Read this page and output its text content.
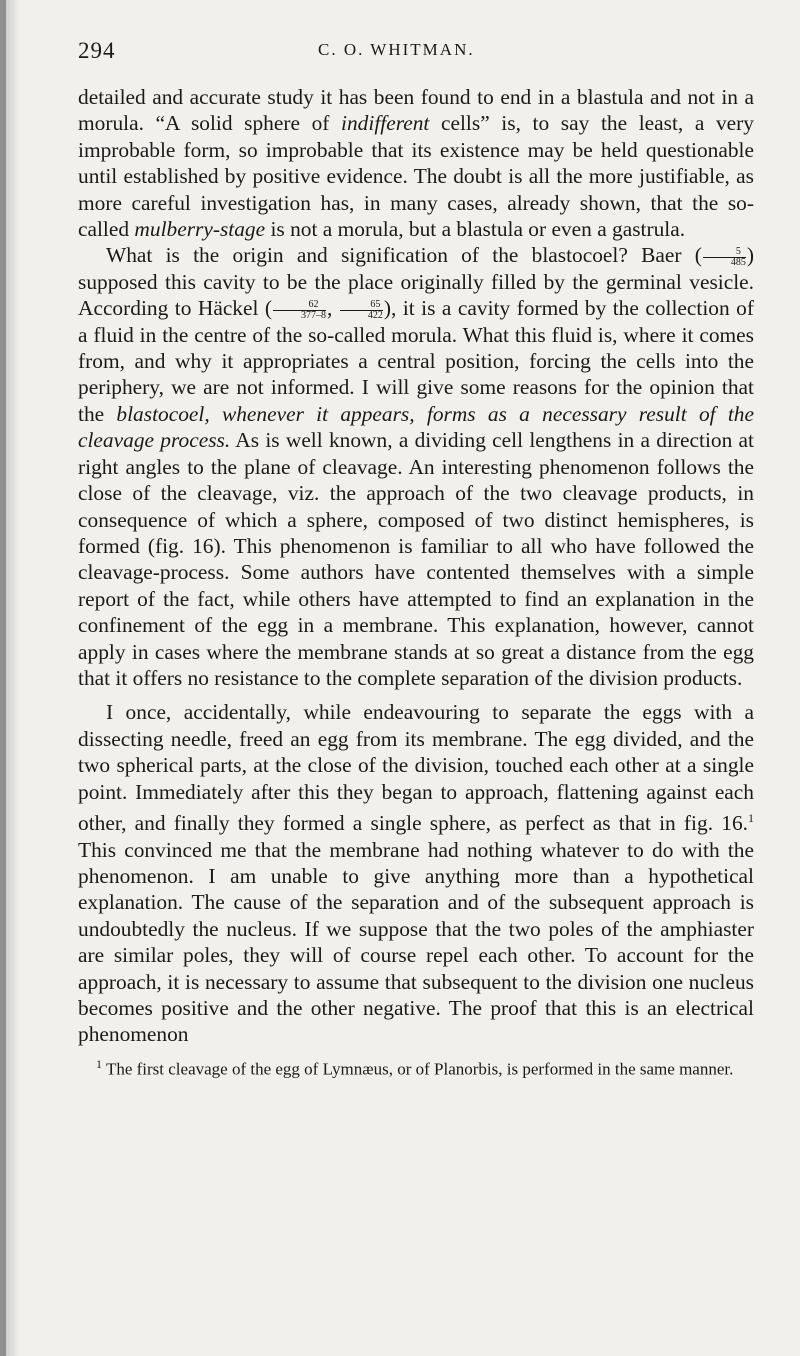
294	C. O. WHITMAN.

detailed and accurate study it has been found to end in a blastula and not in a morula. “A solid sphere of indifferent cells” is, to say the least, a very improbable form, so improbable that its existence may be held questionable until established by positive evidence. The doubt is all the more justifiable, as more careful investigation has, in many cases, already shown, that the so-called mulberry-stage is not a morula, but a blastula or even a gastrula.

What is the origin and signification of the blastocoel? Baer ( $\frac{5}{485}$ ) supposed this cavity to be the place originally filled by the germinal vesicle. According to Häckel ( $\frac{62}{377-8}$ , $\frac{65}{422}$ ), it is a cavity formed by the collection of a fluid in the centre of the so-called morula. What this fluid is, where it comes from, and why it appropriates a central position, forcing the cells into the periphery, we are not informed. I will give some reasons for the opinion that the blastocoel, whenever it appears, forms as a necessary result of the cleavage process. As is well known, a dividing cell lengthens in a direction at right angles to the plane of cleavage. An interesting phenomenon follows the close of the cleavage, viz. the approach of the two cleavage products, in consequence of which a sphere, composed of two distinct hemispheres, is formed (fig. 16). This phenomenon is familiar to all who have followed the cleavage-process. Some authors have contented themselves with a simple report of the fact, while others have attempted to find an explanation in the confinement of the egg in a membrane. This explanation, however, cannot apply in cases where the membrane stands at so great a distance from the egg that it offers no resistance to the complete separation of the division products.

I once, accidentally, while endeavouring to separate the eggs with a dissecting needle, freed an egg from its membrane. The egg divided, and the two spherical parts, at the close of the division, touched each other at a single point. Immediately after this they began to approach, flattening against each other, and finally they formed a single sphere, as perfect as that in fig. 16.$^1$ This convinced me that the membrane had nothing whatever to do with the phenomenon. I am unable to give anything more than a hypothetical explanation. The cause of the separation and of the subsequent approach is undoubtedly the nucleus. If we suppose that the two poles of the amphiaster are similar poles, they will of course repel each other. To account for the approach, it is necessary to assume that subsequent to the division one nucleus becomes positive and the other negative. The proof that this is an electrical phenomenon

$^1$ The first cleavage of the egg of Lymnæus, or of Planorbis, is performed in the same manner.
